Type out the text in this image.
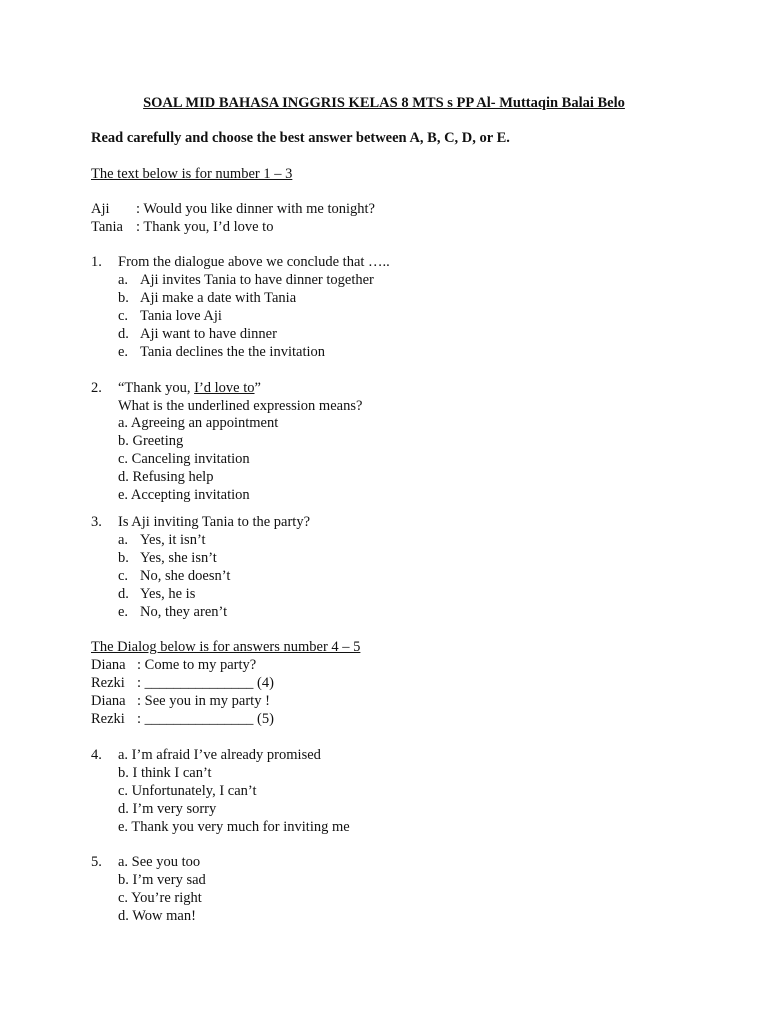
SOAL MID BAHASA INGGRIS KELAS 8 MTS s PP Al- Muttaqin Balai Belo
Read carefully and choose the best answer between A, B, C, D, or E.
The text below is for number 1 – 3
Aji : Would you like dinner with me tonight?
Tania : Thank you, I’d love to
1. From the dialogue above we conclude that …..
a. Aji invites Tania to have dinner together
b. Aji make a date with Tania
c. Tania love Aji
d. Aji want to have dinner
e. Tania declines the the invitation
2. “Thank you, I’d love to”
What is the underlined expression means?
a. Agreeing an appointment
b. Greeting
c. Canceling invitation
d. Refusing help
e. Accepting invitation
3. Is Aji inviting Tania to the party?
a. Yes, it isn’t
b. Yes, she isn’t
c. No, she doesn’t
d. Yes, he is
e. No, they aren’t
The Dialog below is for answers number 4 – 5
Diana : Come to my party?
Rezki : _______________ (4)
Diana : See you in my party !
Rezki : _______________ (5)
4. a. I’m afraid I’ve already promised
b. I think I can’t
c. Unfortunately, I can’t
d. I’m very sorry
e. Thank you very much for inviting me
5. a. See you too
b. I’m very sad
c. You’re right
d. Wow man!
